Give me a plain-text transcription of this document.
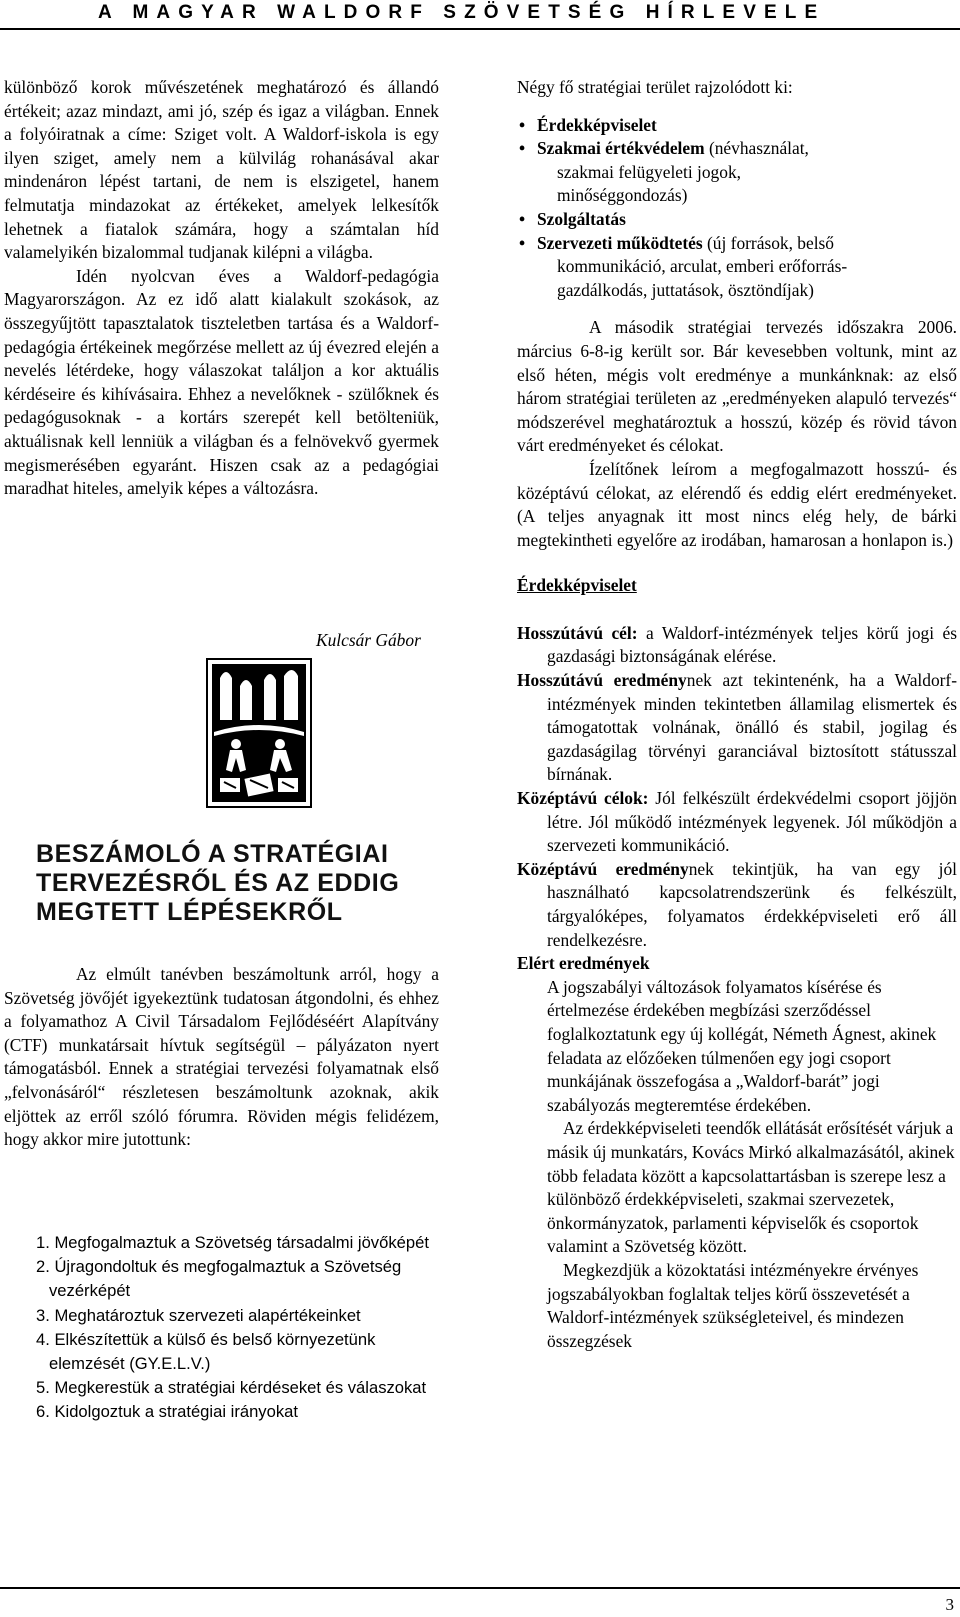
A MAGYAR WALDORF SZÖVETSÉG HÍRLEVELE

különböző korok művészetének meghatározó és állandó értékeit; azaz mindazt, ami jó, szép és igaz a világban. Ennek a folyóiratnak a címe: Sziget volt. A Waldorf-iskola is egy ilyen sziget, amely nem a külvilág rohanásával akar mindenáron lépést tartani, de nem is elszigetel, hanem felmutatja mindazokat az értékeket, amelyek lelkesítők lehetnek a fiatalok számára, hogy a számtalan híd valamelyikén bizalommal tudjanak kilépni a világba.

Idén nyolcvan éves a Waldorf-pedagógia Magyarországon. Az ez idő alatt kialakult szokások, az összegyűjtött tapasztalatok tiszteletben tartása és a Waldorf-pedagógia értékeinek megőrzése mellett az új évezred elején a nevelés létérdeke, hogy válaszokat találjon a kor aktuális kérdéseire és kihívásaira. Ehhez a nevelőknek - szülőknek és pedagógusoknak - a kortárs szerepét kell betölteniük, aktuálisnak kell lenniük a világban és a felnövekvő gyermek megismerésében egyaránt. Hiszen csak az a pedagógiai maradhat hiteles, amelyik képes a változásra.

Kulcsár Gábor
BESZÁMOLÓ A STRATÉGIAI
TERVEZÉSRŐL ÉS AZ EDDIG
MEGTETT LÉPÉSEKRŐL

Az elmúlt tanévben beszámoltunk arról, hogy a Szövetség jövőjét igyekeztünk tudatosan átgondolni, és ehhez a folyamathoz A Civil Társadalom Fejlődéséért Alapítvány (CTF) munkatársait hívtuk segítségül – pályázaton nyert támogatásból. Ennek a stratégiai tervezési folyamatnak első „felvonásáról“ részletesen beszámoltunk azoknak, akik eljöttek az erről szóló fórumra. Röviden mégis felidézem, hogy akkor mire jutottunk:

1. Megfogalmaztuk a Szövetség társadalmi jövőképét
2. Újragondoltuk és megfogalmaztuk a Szövetség vezérképét
3. Meghatároztuk szervezeti alapértékeinket
4. Elkészítettük a külső és belső környezetünk elemzését (GY.E.L.V.)
5. Megkerestük a stratégiai kérdéseket és válaszokat
6. Kidolgoztuk a stratégiai irányokat

Négy fő stratégiai terület rajzolódott ki:

• Érdekképviselet
• Szakmai értékvédelem (névhasználat,
szakmai felügyeleti jogok,
minőséggondozás)
• Szolgáltatás
• Szervezeti működtetés (új források, belső
kommunikáció, arculat, emberi erőforrás-
gazdálkodás, juttatások, ösztöndíjak)

A második stratégiai tervezés időszakra 2006. március 6-8-ig került sor. Bár kevesebben voltunk, mint az első héten, mégis volt eredménye a munkánknak: az első három stratégiai területen az „eredményeken alapuló tervezés“ módszerével meghatároztuk a hosszú, közép és rövid távon várt eredményeket és célokat.

Ízelítőnek leírom a megfogalmazott hosszú- és középtávú célokat, az elérendő és eddig elért eredményeket. (A teljes anyagnak itt most nincs elég hely, de bárki megtekintheti egyelőre az irodában, hamarosan a honlapon is.)

Érdekképviselet

Hosszútávú cél: a Waldorf-intézmények teljes körű jogi és gazdasági biztonságának elérése.

Hosszútávú eredménynek azt tekintenénk, ha a Waldorf-intézmények minden tekintetben államilag elismertek és támogatottak volnának, önálló és stabil, jogilag és gazdaságilag törvényi garanciával biztosított státusszal bírnának.

Középtávú célok: Jól felkészült érdekvédelmi csoport jöjjön létre. Jól működő intézmények legyenek. Jól működjön a szervezeti kommunikáció.

Középtávú eredménynek tekintjük, ha van egy jól használható kapcsolatrendszerünk és felkészült, tárgyalóképes, folyamatos érdekképviseleti erő áll rendelkezésre.

Elért eredmények

A jogszabályi változások folyamatos kísérése és értelmezése érdekében megbízási szerződéssel foglalkoztatunk egy új kollégát, Németh Ágnest, akinek feladata az előzőeken túlmenően egy jogi csoport munkájának összefogása a „Waldorf-barát” jogi szabályozás megteremtése érdekében.

Az érdekképviseleti teendők ellátását erősítését várjuk a másik új munkatárs, Kovács Mirkó alkalmazásától, akinek több feladata között a kapcsolattartásban is szerepe lesz a különböző érdekképviseleti, szakmai szervezetek, önkormányzatok, parlamenti képviselők és csoportok valamint a Szövetség között.

Megkezdjük a közoktatási intézményekre érvényes jogszabályokban foglaltak teljes körű összevetését a Waldorf-intézmények szükségleteivel, és mindezen összegzések

3
